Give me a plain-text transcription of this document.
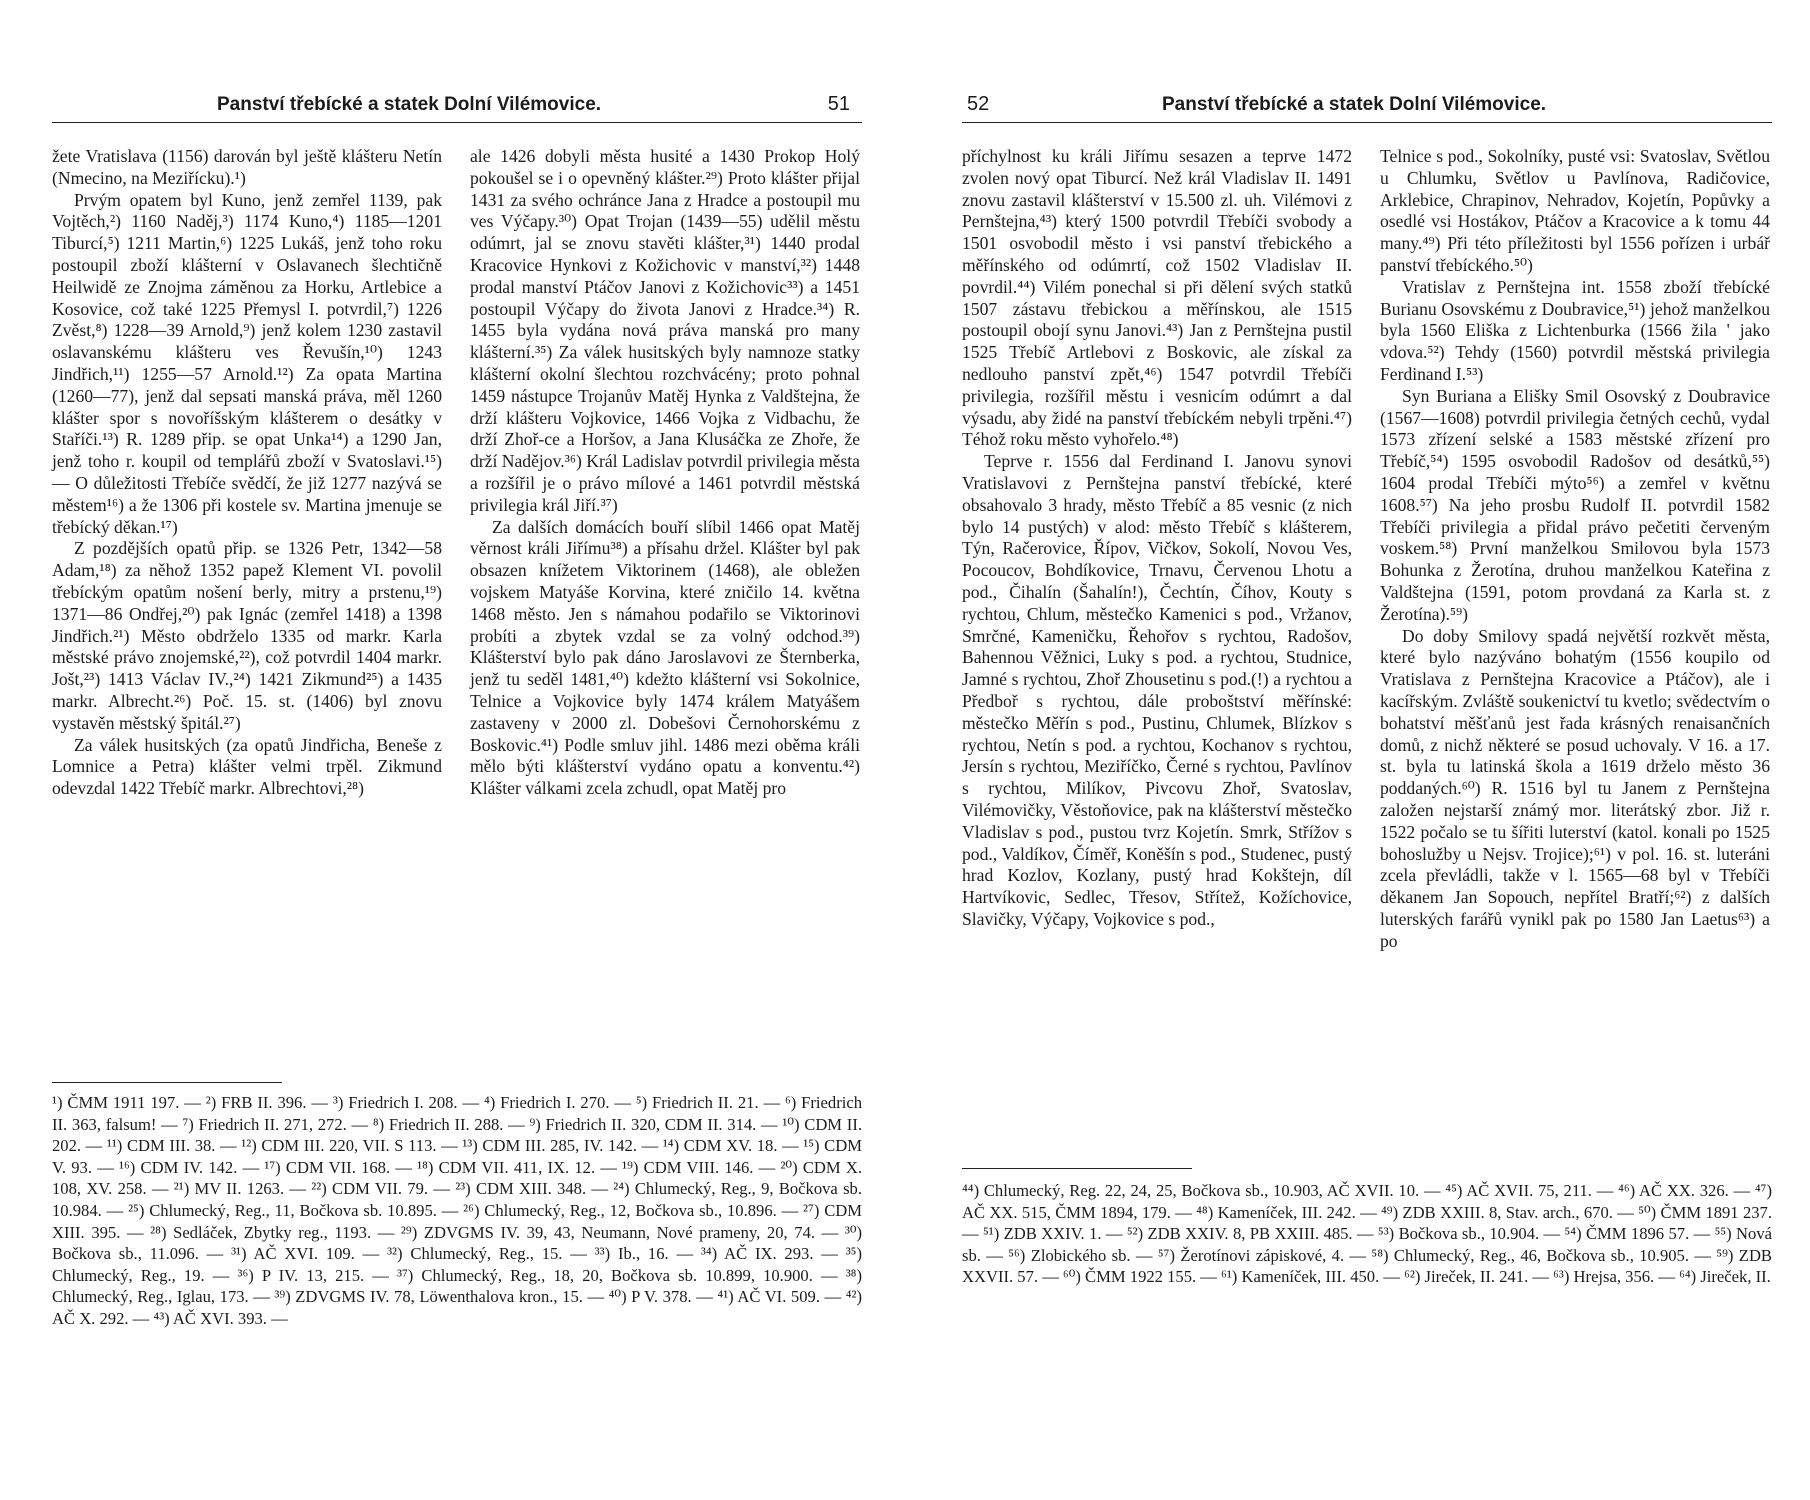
Panství třebícké a statek Dolní Vilémovice.	51

žete Vratislava (1156) darován byl ještě klášteru Netín (Nmecino, na Meziřícku).¹)

Prvým opatem byl Kuno, jenž zemřel 1139, pak Vojtěch,²) 1160 Naděj,³) 1174 Kuno,⁴) 1185—1201 Tiburcí,⁵) 1211 Martin,⁶) 1225 Lukáš, jenž toho roku postoupil zboží klášterní v Oslavanech šlechtičně Heilwidě ze Znojma záměnou za Horku, Artlebice a Kosovice, což také 1225 Přemysl I. potvrdil,⁷) 1226 Zvěst,⁸) 1228—39 Arnold,⁹) jenž kolem 1230 zastavil oslavanskému klášteru ves Řevušín,¹⁰) 1243 Jindřich,¹¹) 1255—57 Arnold.¹²) Za opata Martina (1260—77), jenž dal sepsati manská práva, měl 1260 klášter spor s novoříšským klášterem o desátky v Staříči.¹³) R. 1289 přip. se opat Unka¹⁴) a 1290 Jan, jenž toho r. koupil od templářů zboží v Svatoslavi.¹⁵) — O důležitosti Třebíče svědčí, že již 1277 nazývá se městem¹⁶) a že 1306 při kostele sv. Martina jmenuje se třebícký děkan.¹⁷)

Z pozdějších opatů přip. se 1326 Petr, 1342—58 Adam,¹⁸) za něhož 1352 papež Klement VI. povolil třebíckým opatům nošení berly, mitry a prstenu,¹⁹) 1371—86 Ondřej,²⁰) pak Ignác (zemřel 1418) a 1398 Jindřich.²¹) Město obdrželo 1335 od markr. Karla městské právo znojemské,²²), což potvrdil 1404 markr. Jošt,²³) 1413 Václav IV.,²⁴) 1421 Zikmund²⁵) a 1435 markr. Albrecht.²⁶) Poč. 15. st. (1406) byl znovu vystavěn městský špitál.²⁷)

Za válek husitských (za opatů Jindřicha, Beneše z Lomnice a Petra) klášter velmi trpěl. Zikmund odevzdal 1422 Třebíč markr. Albrechtovi,²⁸)

ale 1426 dobyli města husité a 1430 Prokop Holý pokoušel se i o opevněný klášter.²⁹) Proto klášter přijal 1431 za svého ochránce Jana z Hradce a postoupil mu ves Výčapy.³⁰) Opat Trojan (1439—55) udělil městu odúmrt, jal se znovu stavěti klášter,³¹) 1440 prodal Kracovice Hynkovi z Kožichovic v manství,³²) 1448 prodal manství Ptáčov Janovi z Kožichovic³³) a 1451 postoupil Výčapy do života Janovi z Hradce.³⁴) R. 1455 byla vydána nová práva manská pro many klášterní.³⁵) Za válek husitských byly namnoze statky klášterní okolní šlechtou rozchvácény; proto pohnal 1459 nástupce Trojanův Matěj Hynka z Valdštejna, že drží klášteru Vojkovice, 1466 Vojka z Vidbachu, že drží Zhoř-ce a Horšov, a Jana Klusáčka ze Zhoře, že drží Nadějov.³⁶) Král Ladislav potvrdil privilegia města a rozšířil je o právo mílové a 1461 potvrdil městská privilegia král Jiří.³⁷)

Za dalších domácích bouří slíbil 1466 opat Matěj věrnost králi Jiřímu³⁸) a přísahu držel. Klášter byl pak obsazen knížetem Viktorinem (1468), ale obležen vojskem Matyáše Korvina, které zničilo 14. května 1468 město. Jen s námahou podařilo se Viktorinovi probíti a zbytek vzdal se za volný odchod.³⁹) Klášterství bylo pak dáno Jaroslavovi ze Šternberka, jenž tu seděl 1481,⁴⁰) kdežto klášterní vsi Sokolnice, Telnice a Vojkovice byly 1474 králem Matyášem zastaveny v 2000 zl. Dobešovi Černohorskému z Boskovic.⁴¹) Podle smluv jihl. 1486 mezi oběma králi mělo býti klášterství vydáno opatu a konventu.⁴²) Klášter válkami zcela zchudl, opat Matěj pro

¹) ČMM 1911 197. — ²) FRB II. 396. — ³) Friedrich I. 208. — ⁴) Friedrich I. 270. — ⁵) Friedrich II. 21. — ⁶) Friedrich II. 363, falsum! — ⁷) Friedrich II. 271, 272. — ⁸) Friedrich II. 288. — ⁹) Friedrich II. 320, CDM II. 314. — ¹⁰) CDM II. 202. — ¹¹) CDM III. 38. — ¹²) CDM III. 220, VII. S 113. — ¹³) CDM III. 285, IV. 142. — ¹⁴) CDM XV. 18. — ¹⁵) CDM V. 93. — ¹⁶) CDM IV. 142. — ¹⁷) CDM VII. 168. — ¹⁸) CDM VII. 411, IX. 12. — ¹⁹) CDM VIII. 146. — ²⁰) CDM X. 108, XV. 258. — ²¹) MV II. 1263. — ²²) CDM VII. 79. — ²³) CDM XIII. 348. — ²⁴) Chlumecký, Reg., 9, Bočkova sb. 10.984. — ²⁵) Chlumecký, Reg., 11, Bočkova sb. 10.895. — ²⁶) Chlumecký, Reg., 12, Bočkova sb., 10.896. — ²⁷) CDM XIII. 395. — ²⁸) Sedláček, Zbytky reg., 1193. — ²⁹) ZDVGMS IV. 39, 43, Neumann, Nové prameny, 20, 74. — ³⁰) Bočkova sb., 11.096. — ³¹) AČ XVI. 109. — ³²) Chlumecký, Reg., 15. — ³³) Ib., 16. — ³⁴) AČ IX. 293. — ³⁵) Chlumecký, Reg., 19. — ³⁶) P IV. 13, 215. — ³⁷) Chlumecký, Reg., 18, 20, Bočkova sb. 10.899, 10.900. — ³⁸) Chlumecký, Reg., Iglau, 173. — ³⁹) ZDVGMS IV. 78, Löwenthalova kron., 15. — ⁴⁰) P V. 378. — ⁴¹) AČ VI. 509. — ⁴²) AČ X. 292. — ⁴³) AČ XVI. 393. —
52	Panství třebícké a statek Dolní Vilémovice.

příchylnost ku králi Jiřímu sesazen a teprve 1472 zvolen nový opat Tiburcí. Než král Vladislav II. 1491 znovu zastavil klášterství v 15.500 zl. uh. Vilémovi z Pernštejna,⁴³) který 1500 potvrdil Třebíči svobody a 1501 osvobodil město i vsi panství třebického a měřínského od odúmrtí, což 1502 Vladislav II. povrdil.⁴⁴) Vilém ponechal si při dělení svých statků 1507 zástavu třebickou a měřínskou, ale 1515 postoupil obojí synu Janovi.⁴³) Jan z Pernštejna pustil 1525 Třebíč Artlebovi z Boskovic, ale získal za nedlouho panství zpět,⁴⁶) 1547 potvrdil Třebíči privilegia, rozšířil městu i vesnicím odúmrt a dal výsadu, aby židé na panství třebíckém nebyli trpěni.⁴⁷) Téhož roku město vyhořelo.⁴⁸)

Teprve r. 1556 dal Ferdinand I. Janovu synovi Vratislavovi z Pernštejna panství třebícké, které obsahovalo 3 hrady, město Třebíč a 85 vesnic (z nich bylo 14 pustých) v alod: město Třebíč s klášterem, Týn, Račerovice, Řípov, Vičkov, Sokolí, Novou Ves, Pocoucov, Bohdíkovice, Trnavu, Červenou Lhotu a pod., Čihalín (Šahalín!), Čechtín, Číhov, Kouty s rychtou, Chlum, městečko Kamenici s pod., Vržanov, Smrčné, Kameničku, Řehořov s rychtou, Radošov, Bahennou Věžnici, Luky s pod. a rychtou, Studnice, Jamné s rychtou, Zhoř Zhousetinu s pod.(!) a rychtou a Předboř s rychtou, dále proboštství měřínské: městečko Měřín s pod., Pustinu, Chlumek, Blízkov s rychtou, Netín s pod. a rychtou, Kochanov s rychtou, Jersín s rychtou, Meziříčko, Černé s rychtou, Pavlínov s rychtou, Milíkov, Pivcovu Zhoř, Svatoslav, Vilémovičky, Věstoňovice, pak na klášterství městečko Vladislav s pod., pustou tvrz Kojetín. Smrk, Střížov s pod., Valdíkov, Číměř, Koněšín s pod., Studenec, pustý hrad Kozlov, Kozlany, pustý hrad Kokštejn, díl Hartvíkovic, Sedlec, Třesov, Střítež, Kožíchovice, Slavičky, Výčapy, Vojkovice s pod.,

Telnice s pod., Sokolníky, pusté vsi: Svatoslav, Světlou u Chlumku, Světlov u Pavlínova, Radičovice, Arklebice, Chrapinov, Nehradov, Kojetín, Popůvky a osedlé vsi Hostákov, Ptáčov a Kracovice a k tomu 44 many.⁴⁹) Při této příležitosti byl 1556 pořízen i urbář panství třebíckého.⁵⁰)

Vratislav z Pernštejna int. 1558 zboží třebícké Burianu Osovskému z Doubravice,⁵¹) jehož manželkou byla 1560 Eliška z Lichtenburka (1566 žila ' jako vdova.⁵²) Tehdy (1560) potvrdil městská privilegia Ferdinand I.⁵³)

Syn Buriana a Elišky Smil Osovský z Doubravice (1567—1608) potvrdil privilegia četných cechů, vydal 1573 zřízení selské a 1583 městské zřízení pro Třebíč,⁵⁴) 1595 osvobodil Radošov od desátků,⁵⁵) 1604 prodal Třebíči mýto⁵⁶) a zemřel v květnu 1608.⁵⁷) Na jeho prosbu Rudolf II. potvrdil 1582 Třebíči privilegia a přidal právo pečetiti červeným voskem.⁵⁸) První manželkou Smilovou byla 1573 Bohunka z Žerotína, druhou manželkou Kateřina z Valdštejna (1591, potom provdaná za Karla st. z Žerotína).⁵⁹)

Do doby Smilovy spadá největší rozkvět města, které bylo nazýváno bohatým (1556 koupilo od Vratislava z Pernštejna Kracovice a Ptáčov), ale i kacířským. Zvláště soukenictví tu kvetlo; svědectvím o bohatství měšťanů jest řada krásných renaisančních domů, z nichž některé se posud uchovaly. V 16. a 17. st. byla tu latinská škola a 1619 drželo město 36 poddaných.⁶⁰) R. 1516 byl tu Janem z Pernštejna založen nejstarší známý mor. literátský zbor. Již r. 1522 počalo se tu šířiti luterství (katol. konali po 1525 bohoslužby u Nejsv. Trojice);⁶¹) v pol. 16. st. luteráni zcela převládli, takže v l. 1565—68 byl v Třebíči děkanem Jan Sopouch, nepřítel Bratří;⁶²) z dalších luterských farářů vynikl pak po 1580 Jan Laetus⁶³) a po

⁴⁴) Chlumecký, Reg. 22, 24, 25, Bočkova sb., 10.903, AČ XVII. 10. — ⁴⁵) AČ XVII. 75, 211. — ⁴⁶) AČ XX. 326. — ⁴⁷) AČ XX. 515, ČMM 1894, 179. — ⁴⁸) Kameníček, III. 242. — ⁴⁹) ZDB XXIII. 8, Stav. arch., 670. — ⁵⁰) ČMM 1891 237. — ⁵¹) ZDB XXIV. 1. — ⁵²) ZDB XXIV. 8, PB XXIII. 485. — ⁵³) Bočkova sb., 10.904. — ⁵⁴) ČMM 1896 57. — ⁵⁵) Nová sb. — ⁵⁶) Zlobického sb. — ⁵⁷) Žerotínovi zápiskové, 4. — ⁵⁸) Chlumecký, Reg., 46, Bočkova sb., 10.905. — ⁵⁹) ZDB XXVII. 57. — ⁶⁰) ČMM 1922 155. — ⁶¹) Kameníček, III. 450. — ⁶²) Jireček, II. 241. — ⁶³) Hrejsa, 356. — ⁶⁴) Jireček, II.
